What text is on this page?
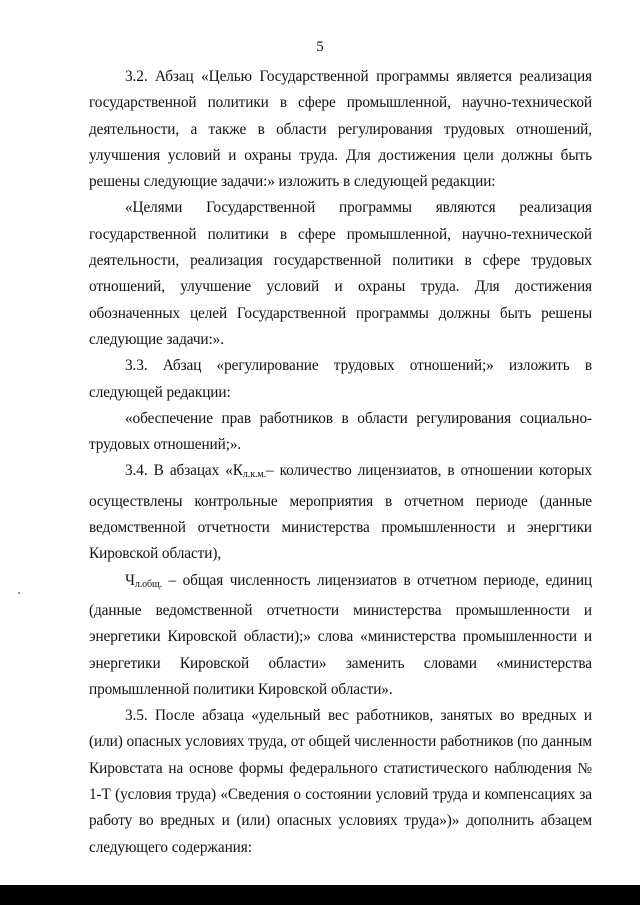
5

3.2. Абзац «Целью Государственной программы является реализация государственной политики в сфере промышленной, научно-технической деятельности, а также в области регулирования трудовых отношений, улучшения условий и охраны труда. Для достижения цели должны быть решены следующие задачи:» изложить в следующей редакции:

«Целями Государственной программы являются реализация государственной политики в сфере промышленной, научно-технической деятельности, реализация государственной политики в сфере трудовых отношений, улучшение условий и охраны труда. Для достижения обозначенных целей Государственной программы должны быть решены следующие задачи:».

3.3. Абзац «регулирование трудовых отношений;» изложить в следующей редакции:

«обеспечение прав работников в области регулирования социально-трудовых отношений;».

3.4. В абзацах «$К_{л.к.м.}-$ количество лицензиатов, в отношении которых осуществлены контрольные мероприятия в отчетном периоде (данные ведомственной отчетности министерства промышленности и энергтики Кировской области),

$Ч_{л.общ.}$ – общая численность лицензиатов в отчетном периоде, единиц (данные ведомственной отчетности министерства промышленности и энергетики Кировской области);» слова «министерства промышленности и энергетики Кировской области» заменить словами «министерства промышленной политики Кировской области».

3.5. После абзаца «удельный вес работников, занятых во вредных и (или) опасных условиях труда, от общей численности работников (по данным Кировстата на основе формы федерального статистического наблюдения № 1-Т (условия труда) «Сведения о состоянии условий труда и компенсациях за работу во вредных и (или) опасных условиях труда»)» дополнить абзацем следующего содержания:
